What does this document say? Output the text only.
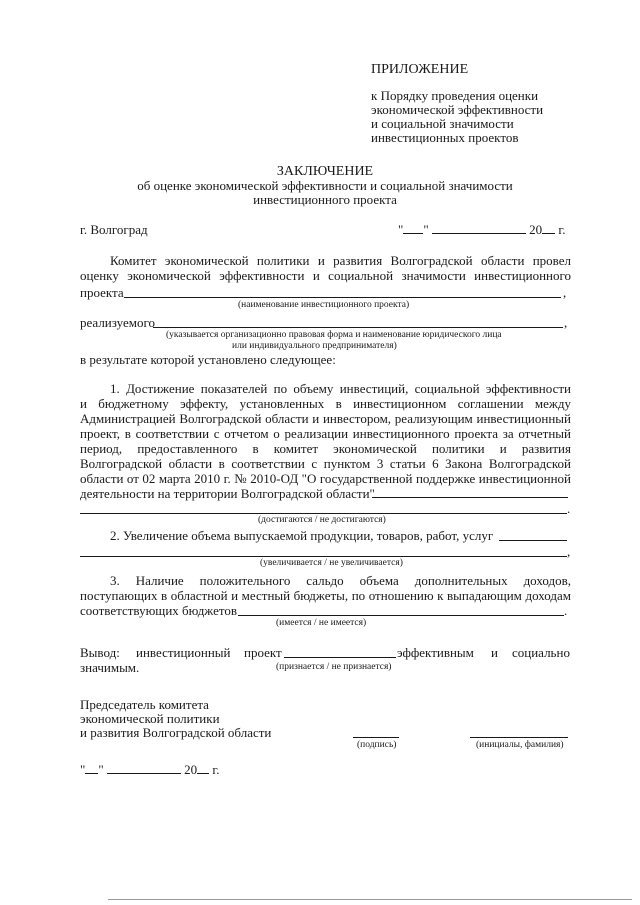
ПРИЛОЖЕНИЕ
к Порядку проведения оценки
экономической эффективности
и социальной значимости
инвестиционных проектов
ЗАКЛЮЧЕНИЕ
об оценке экономической эффективности и социальной значимости
инвестиционного проекта
г. Волгоград	" "	20 г.
Комитет экономической политики и развития Волгоградской области провел
оценку экономической эффективности и социальной значимости инвестиционного
проекта	,
(наименование инвестиционного проекта)
реализуемого	,
(указывается организационно правовая форма и наименование юридического лица
или индивидуального предпринимателя)
в результате которой установлено следующее:
1. Достижение показателей по объему инвестиций, социальной эффективности
и бюджетному эффекту, установленных в инвестиционном соглашении между
Администрацией Волгоградской области и инвестором, реализующим инвестиционный
проект, в соответствии с отчетом о реализации инвестиционного проекта за отчетный
период, предоставленного в комитет экономической политики и развития
Волгоградской области в соответствии с пунктом 3 статьи 6 Закона Волгоградской
области от 02 марта 2010 г. № 2010-ОД "О государственной поддержке инвестиционной
деятельности на территории Волгоградской области"
.
(достигаются / не достигаются)
2. Увеличение объема выпускаемой продукции, товаров, работ, услуг
,
(увеличивается / не увеличивается)
3. Наличие положительного сальдо объема дополнительных доходов,
поступающих в областной и местный бюджеты, по отношению к выпадающим доходам
соответствующих бюджетов	.
(имеется / не имеется)
Вывод: инвестиционный проект	эффективным и социально
значимым.	(признается / не признается)
Председатель комитета
экономической политики
и развития Волгоградской области
(подпись)	(инициалы, фамилия)
" "	20 г.
